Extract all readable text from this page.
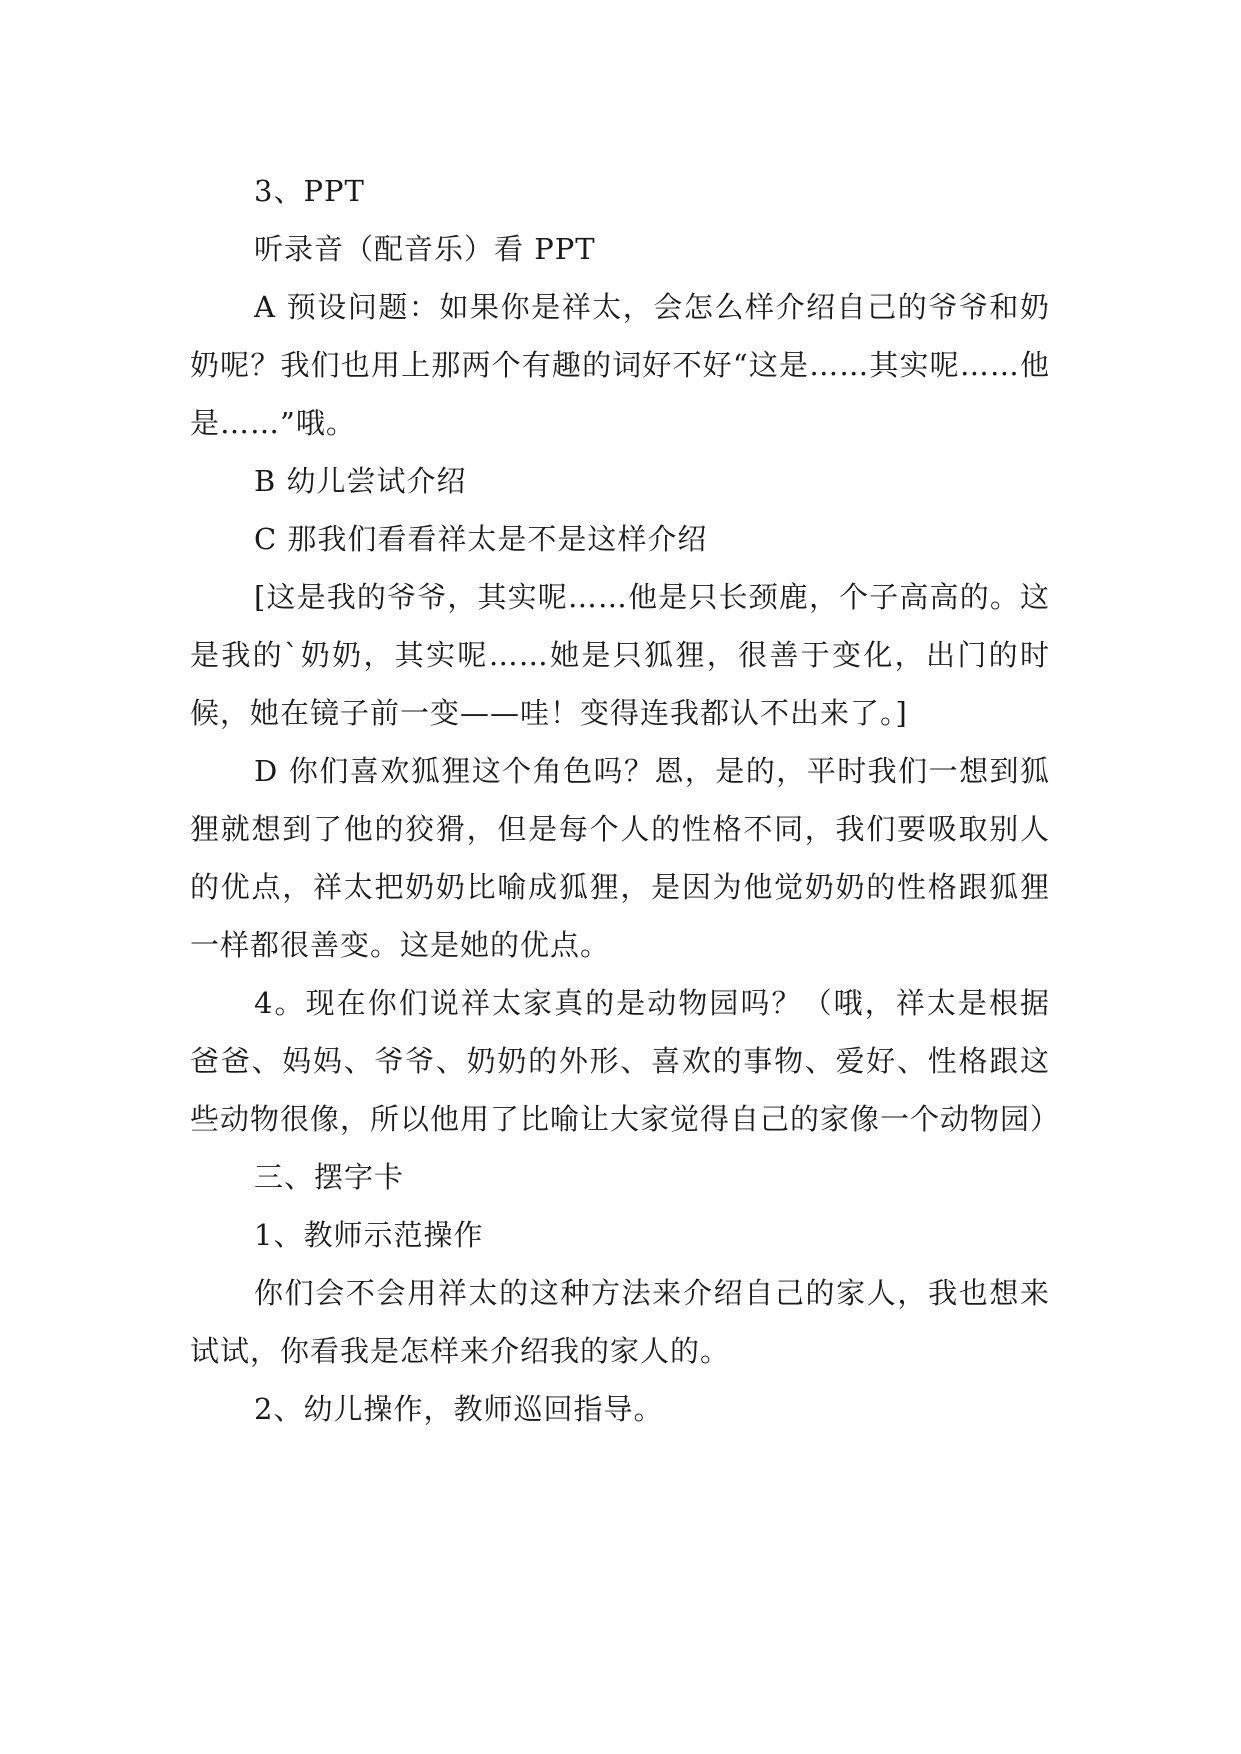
3、PPT

听录音（配音乐）看 PPT

A 预设问题：如果你是祥太，会怎么样介绍自己的爷爷和奶奶呢？我们也用上那两个有趣的词好不好“这是……其实呢……他是……”哦。

B 幼儿尝试介绍

C 那我们看看祥太是不是这样介绍

[这是我的爷爷，其实呢……他是只长颈鹿，个子高高的。这是我的`奶奶，其实呢……她是只狐狸，很善于变化，出门的时候，她在镜子前一变——哇！变得连我都认不出来了。]

D 你们喜欢狐狸这个角色吗？恩，是的，平时我们一想到狐狸就想到了他的狡猾，但是每个人的性格不同，我们要吸取别人的优点，祥太把奶奶比喻成狐狸，是因为他觉奶奶的性格跟狐狸一样都很善变。这是她的优点。

4。现在你们说祥太家真的是动物园吗？（哦，祥太是根据爸爸、妈妈、爷爷、奶奶的外形、喜欢的事物、爱好、性格跟这些动物很像，所以他用了比喻让大家觉得自己的家像一个动物园）

三、摆字卡

1、教师示范操作

你们会不会用祥太的这种方法来介绍自己的家人，我也想来试试，你看我是怎样来介绍我的家人的。

2、幼儿操作，教师巡回指导。
